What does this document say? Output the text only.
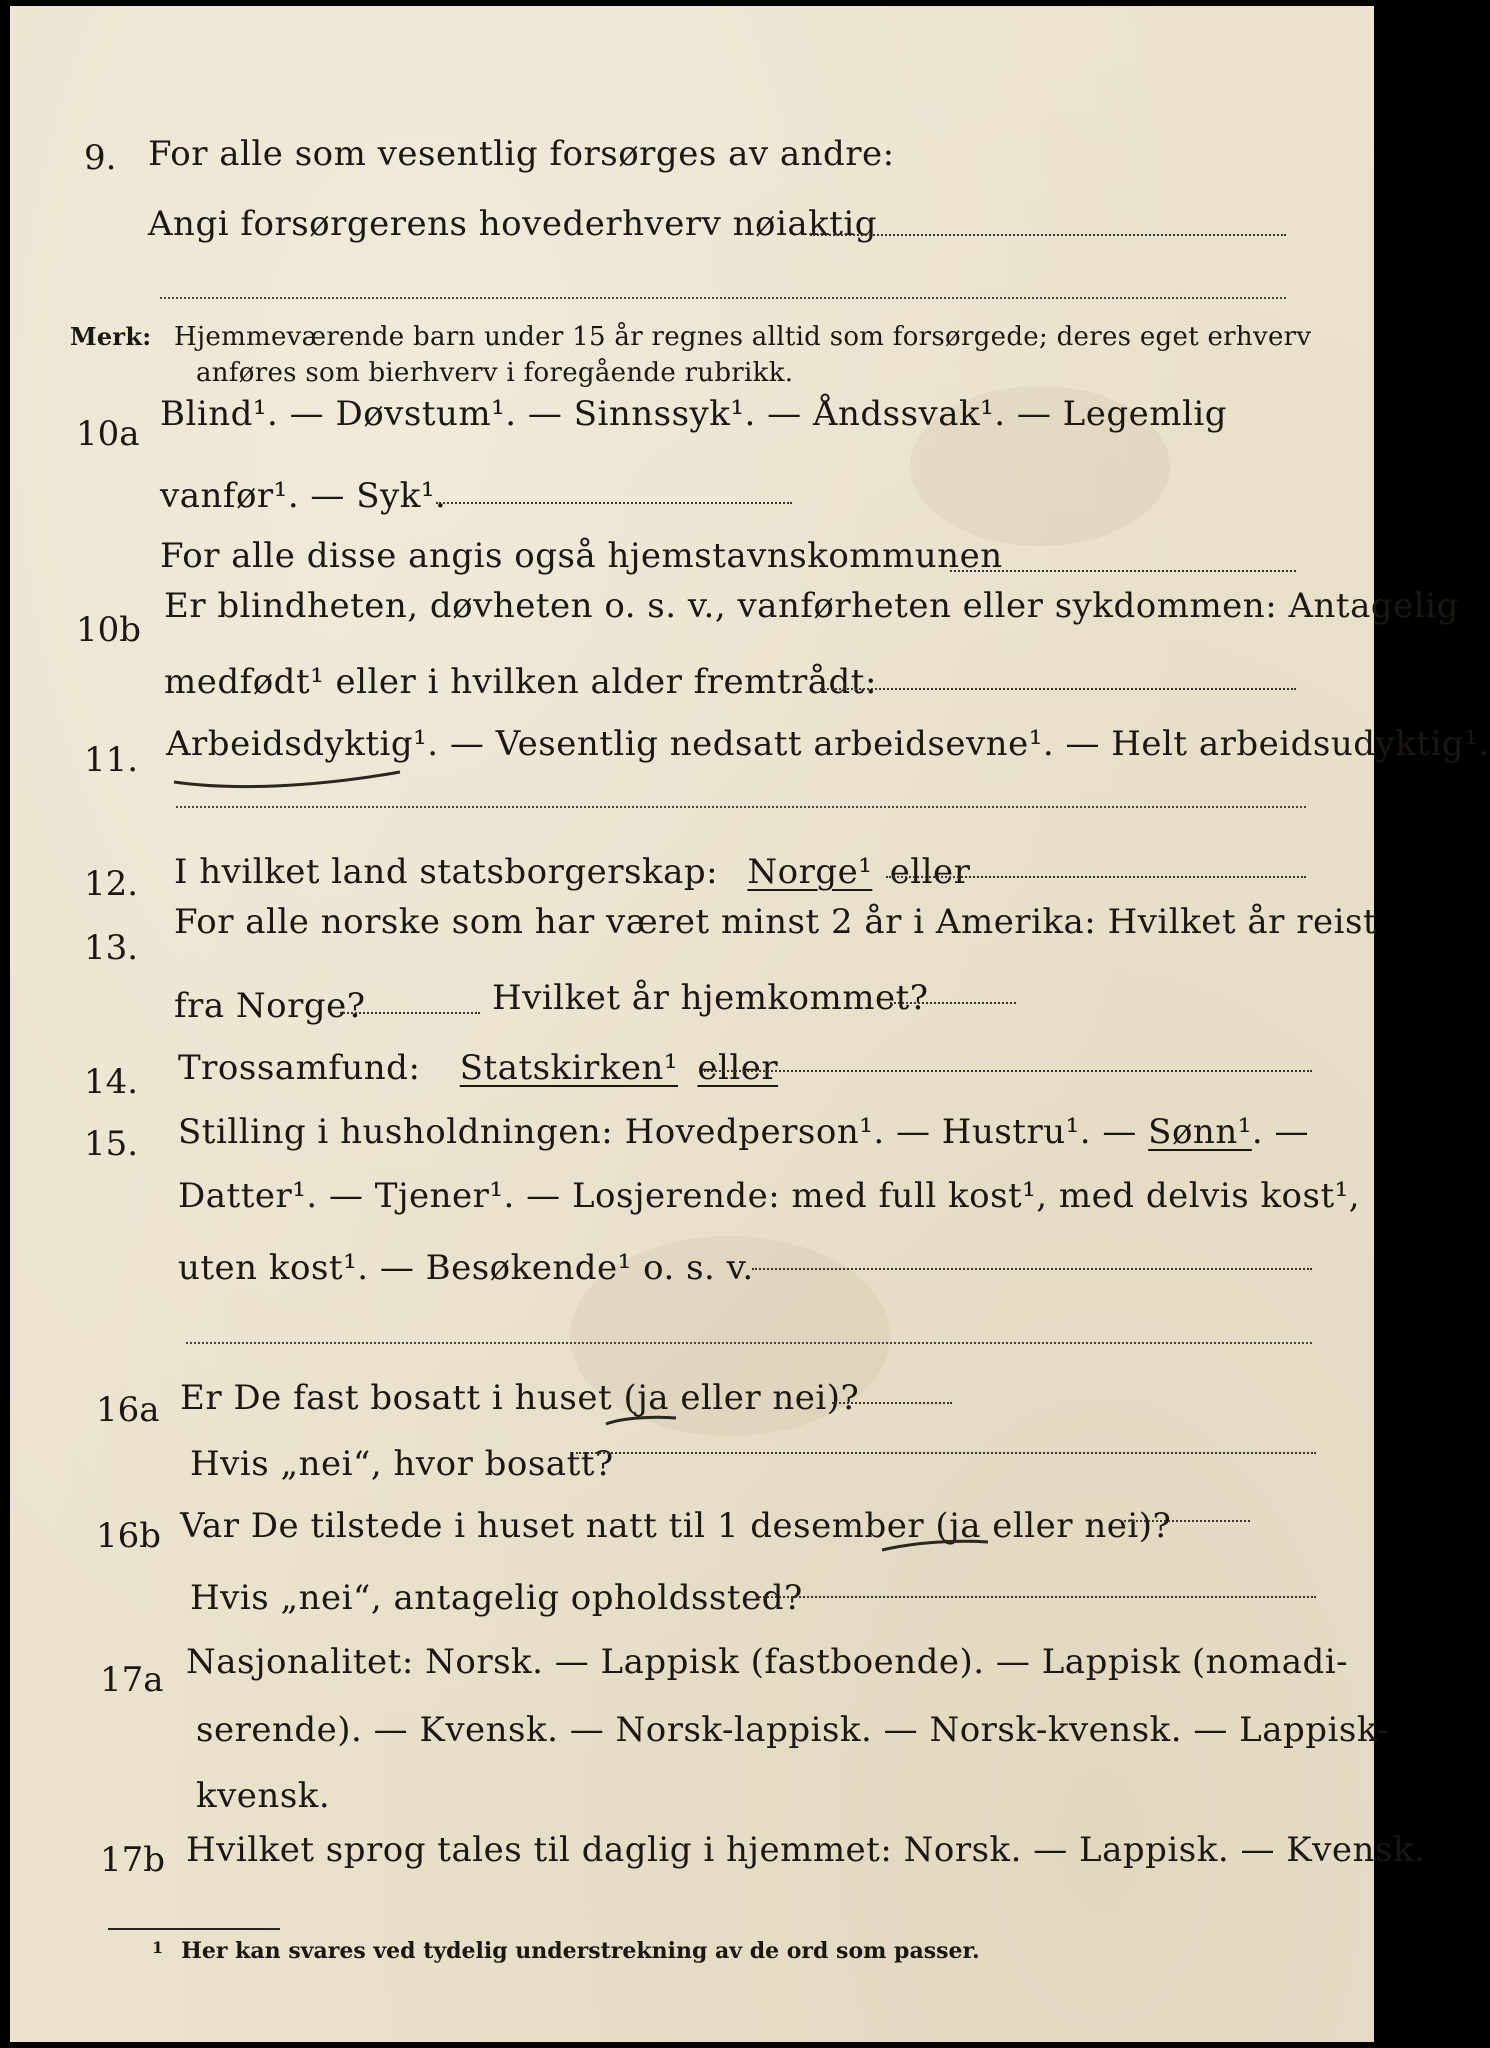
9. For alle som vesentlig forsørges av andre:
Angi forsørgerens hovederhverv nøiaktig
Merk: Hjemmeværende barn under 15 år regnes alltid som forsørgede; deres eget erhverv
anføres som bierhverv i foregående rubrikk.
10a Blind¹. — Døvstum¹. — Sinnssyk¹. — Åndssvak¹. — Legemlig
vanfør¹. — Syk¹.
For alle disse angis også hjemstavnskommunen
10b
Er blindheten, døvheten o. s. v., vanførheten eller sykdommen: Antagelig
medfødt¹ eller i hvilken alder fremtrådt:
11. Arbeidsdyktig¹. — Vesentlig nedsatt arbeidsevne¹. — Helt arbeidsudyktig¹.
12. I hvilket land statsborgerskap: Norge¹ eller
13.
For alle norske som har været minst 2 år i Amerika: Hvilket år reist
fra Norge?	Hvilket år hjemkommet?
14. Trossamfund: Statskirken¹ eller
15. Stilling i husholdningen: Hovedperson¹. — Hustru¹. — Sønn¹. —
Datter¹. — Tjener¹. — Losjerende: med full kost¹, med delvis kost¹,
uten kost¹. — Besøkende¹ o. s. v.
16a Er De fast bosatt i huset (ja eller nei)?
Hvis „nei“, hvor bosatt?
16b Var De tilstede i huset natt til 1 desember (ja eller nei)?
Hvis „nei“, antagelig opholdssted?
17a Nasjonalitet: Norsk. — Lappisk (fastboende). — Lappisk (nomadi-
serende). — Kvensk. — Norsk-lappisk. — Norsk-kvensk. — Lappisk-
kvensk.
17b Hvilket sprog tales til daglig i hjemmet: Norsk. — Lappisk. — Kvensk.
$^1$ Her kan svares ved tydelig understrekning av de ord som passer.
